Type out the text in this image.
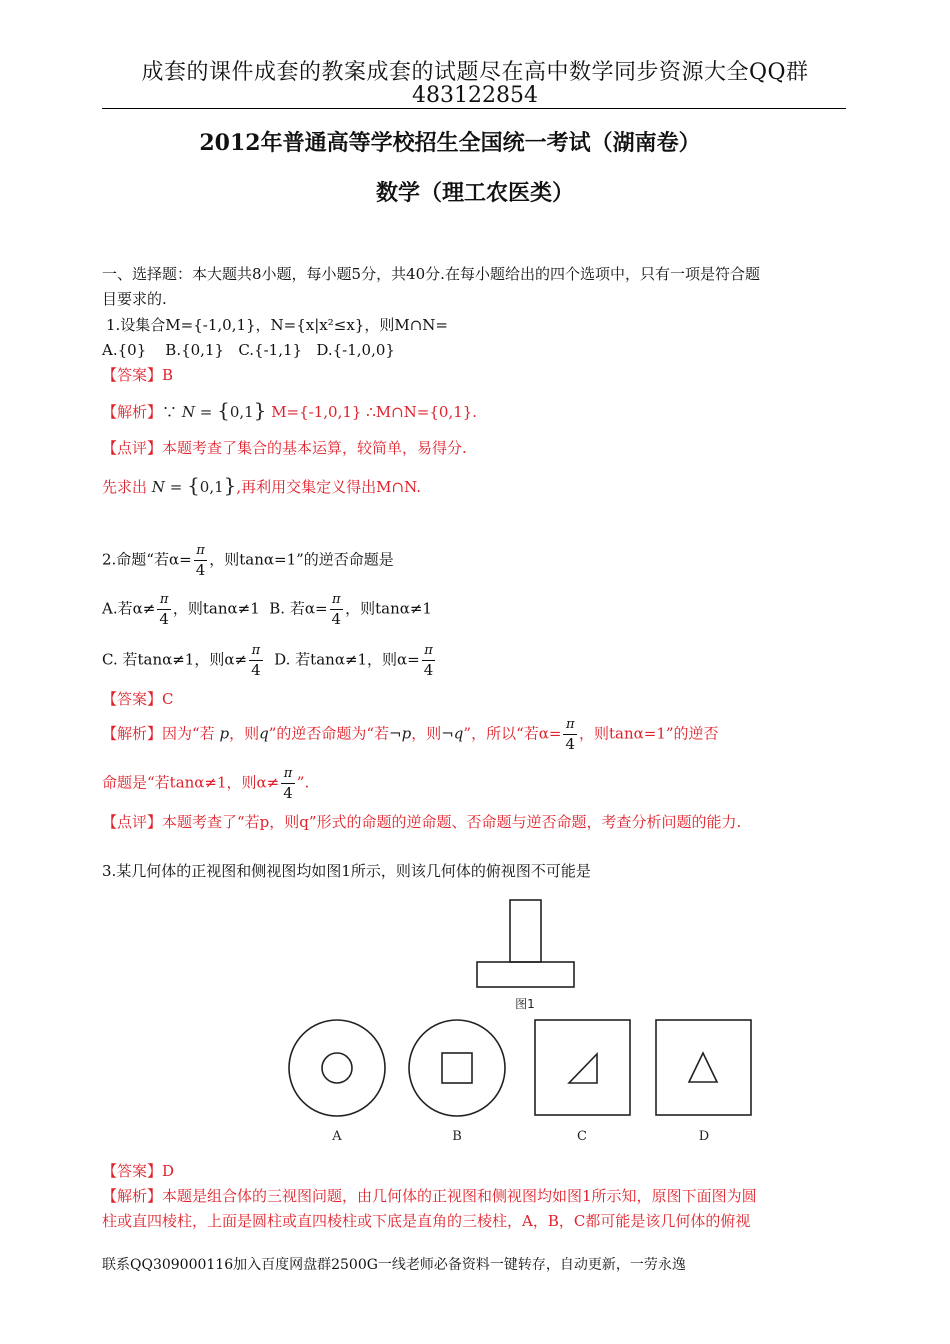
成套的课件成套的教案成套的试题尽在高中数学同步资源大全QQ群
483122854
2012年普通高等学校招生全国统一考试（湖南卷）
数学（理工农医类）
一、选择题：本大题共8小题，每小题5分，共40分.在每小题给出的四个选项中，只有一项是符合题
目要求的.
1.设集合M={-1,0,1}，N={x|x²≤x}，则M∩N=
A.{0}    B.{0,1}   C.{-1,1}   D.{-1,0,0}
【答案】B
【解析】∵ N = {0,1} M={-1,0,1} ∴M∩N={0,1}.
【点评】本题考查了集合的基本运算，较简单，易得分.
先求出 N = {0,1},再利用交集定义得出M∩N.
2.命题“若$\alpha= \frac{\pi}{4}$ ，则tanα=1”的逆否命题是
A.若$\alpha\ne \frac{\pi}{4}$ ，则tanα≠1 B. 若$\alpha= \frac{\pi}{4}$ ，则tanα≠1
C. 若tanα≠1，则$\alpha\ne \frac{\pi}{4} D$. 若tanα≠1，则$\alpha= \frac{\pi}{4}$
【答案】C
【解析】因为“若 p，则q”的逆否命题为“若¬p，则¬q”，所以“若$\alpha= \frac{\pi}{4}$ ，则tanα=1”的逆否
命题是“若tanα≠1，则$\alpha\ne \frac{\pi}{4}$ ”.
【点评】本题考查了“若p，则q”形式的命题的逆命题、否命题与逆否命题，考查分析问题的能力.
3.某几何体的正视图和侧视图均如图1所示，则该几何体的俯视图不可能是
图1
A	B	C	D
【答案】D
【解析】本题是组合体的三视图问题，由几何体的正视图和侧视图均如图1所示知，原图下面图为圆
柱或直四棱柱，上面是圆柱或直四棱柱或下底是直角的三棱柱，A，B，C都可能是该几何体的俯视
联系QQ309000116加入百度网盘群2500G一线老师必备资料一键转存，自动更新，一劳永逸
